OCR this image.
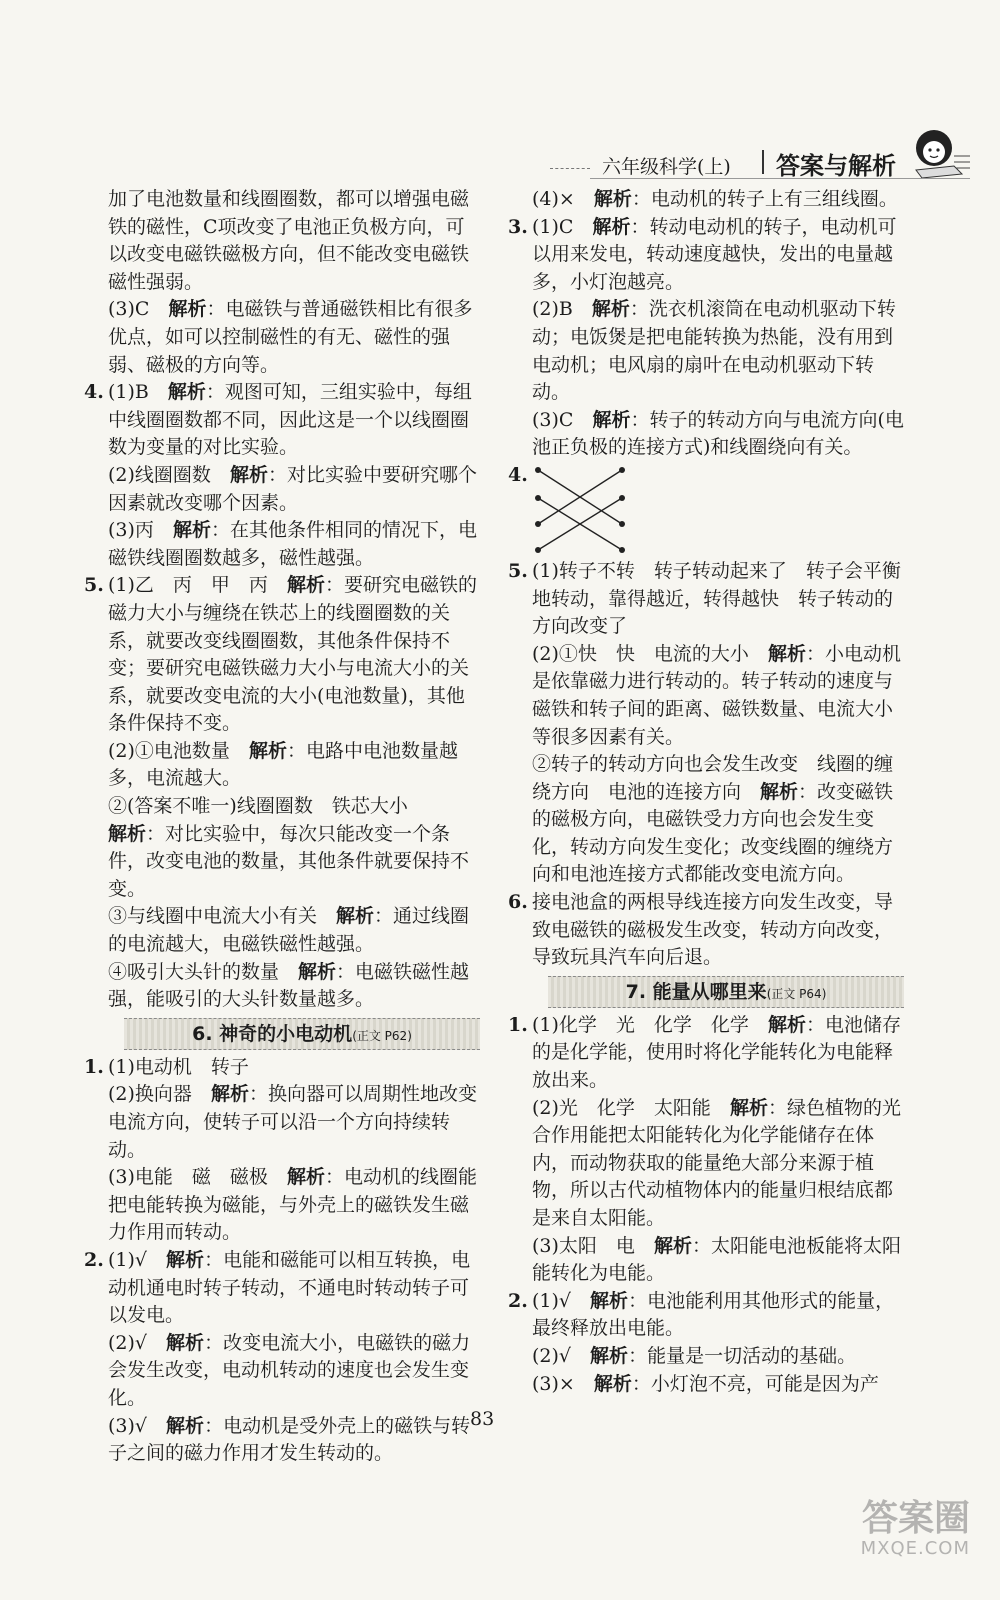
六年级科学(上) 答案与解析

加了电池数量和线圈圈数，都可以增强电磁铁的磁性，C项改变了电池正负极方向，可以改变电磁铁磁极方向，但不能改变电磁铁磁性强弱。

(3)C　 解析：电磁铁与普通磁铁相比有很多优点，如可以控制磁性的有无、磁性的强弱、磁极的方向等。

4. (1)B　 解析：观图可知，三组实验中，每组中线圈圈数都不同，因此这是一个以线圈圈数为变量的对比实验。

(2)线圈圈数　 解析：对比实验中要研究哪个因素就改变哪个因素。

(3)丙　 解析：在其他条件相同的情况下，电磁铁线圈圈数越多，磁性越强。

5. (1)乙　丙　甲　丙　 解析：要研究电磁铁的磁力大小与缠绕在铁芯上的线圈圈数的关系，就要改变线圈圈数，其他条件保持不变；要研究电磁铁磁力大小与电流大小的关系，就要改变电流的大小(电池数量)，其他条件保持不变。

(2)①电池数量　 解析：电路中电池数量越多，电流越大。

②(答案不唯一)线圈圈数　铁芯大小

解析：对比实验中，每次只能改变一个条件，改变电池的数量，其他条件就要保持不变。

③与线圈中电流大小有关　 解析：通过线圈的电流越大，电磁铁磁性越强。

④吸引大头针的数量　 解析：电磁铁磁性越强，能吸引的大头针数量越多。

6. 神奇的小电动机(正文 P62)

1. (1)电动机　转子

(2)换向器　 解析：换向器可以周期性地改变电流方向，使转子可以沿一个方向持续转动。

(3)电能　磁　磁极　 解析：电动机的线圈能把电能转换为磁能，与外壳上的磁铁发生磁力作用而转动。

2. (1)√　 解析：电能和磁能可以相互转换，电动机通电时转子转动，不通电时转动转子可以发电。

(2)√　 解析：改变电流大小，电磁铁的磁力会发生改变，电动机转动的速度也会发生变化。

(3)√　 解析：电动机是受外壳上的磁铁与转子之间的磁力作用才发生转动的。

(4)×　 解析：电动机的转子上有三组线圈。

3. (1)C　 解析：转动电动机的转子，电动机可以用来发电，转动速度越快，发出的电量越多，小灯泡越亮。

(2)B　 解析：洗衣机滚筒在电动机驱动下转动；电饭煲是把电能转换为热能，没有用到电动机；电风扇的扇叶在电动机驱动下转动。

(3)C　 解析：转子的转动方向与电流方向(电池正负极的连接方式)和线圈绕向有关。

4.

5. (1)转子不转　转子转动起来了　转子会平衡地转动，靠得越近，转得越快　转子转动的方向改变了

(2)①快　快　电流的大小　 解析：小电动机是依靠磁力进行转动的。转子转动的速度与磁铁和转子间的距离、磁铁数量、电流大小等很多因素有关。

②转子的转动方向也会发生改变　线圈的缠绕方向　电池的连接方向　 解析：改变磁铁的磁极方向，电磁铁受力方向也会发生变化，转动方向发生变化；改变线圈的缠绕方向和电池连接方式都能改变电流方向。

6. 接电池盒的两根导线连接方向发生改变，导致电磁铁的磁极发生改变，转动方向改变，导致玩具汽车向后退。

7. 能量从哪里来(正文 P64)

1. (1)化学　光　化学　化学　 解析：电池储存的是化学能，使用时将化学能转化为电能释放出来。

(2)光　化学　太阳能　 解析：绿色植物的光合作用能把太阳能转化为化学能储存在体内，而动物获取的能量绝大部分来源于植物，所以古代动植物体内的能量归根结底都是来自太阳能。

(3)太阳　电　 解析：太阳能电池板能将太阳能转化为电能。

2. (1)√　 解析：电池能利用其他形式的能量，最终释放出电能。

(2)√　 解析：能量是一切活动的基础。

(3)×　 解析：小灯泡不亮，可能是因为产

83
答案圈
MXQE.COM
